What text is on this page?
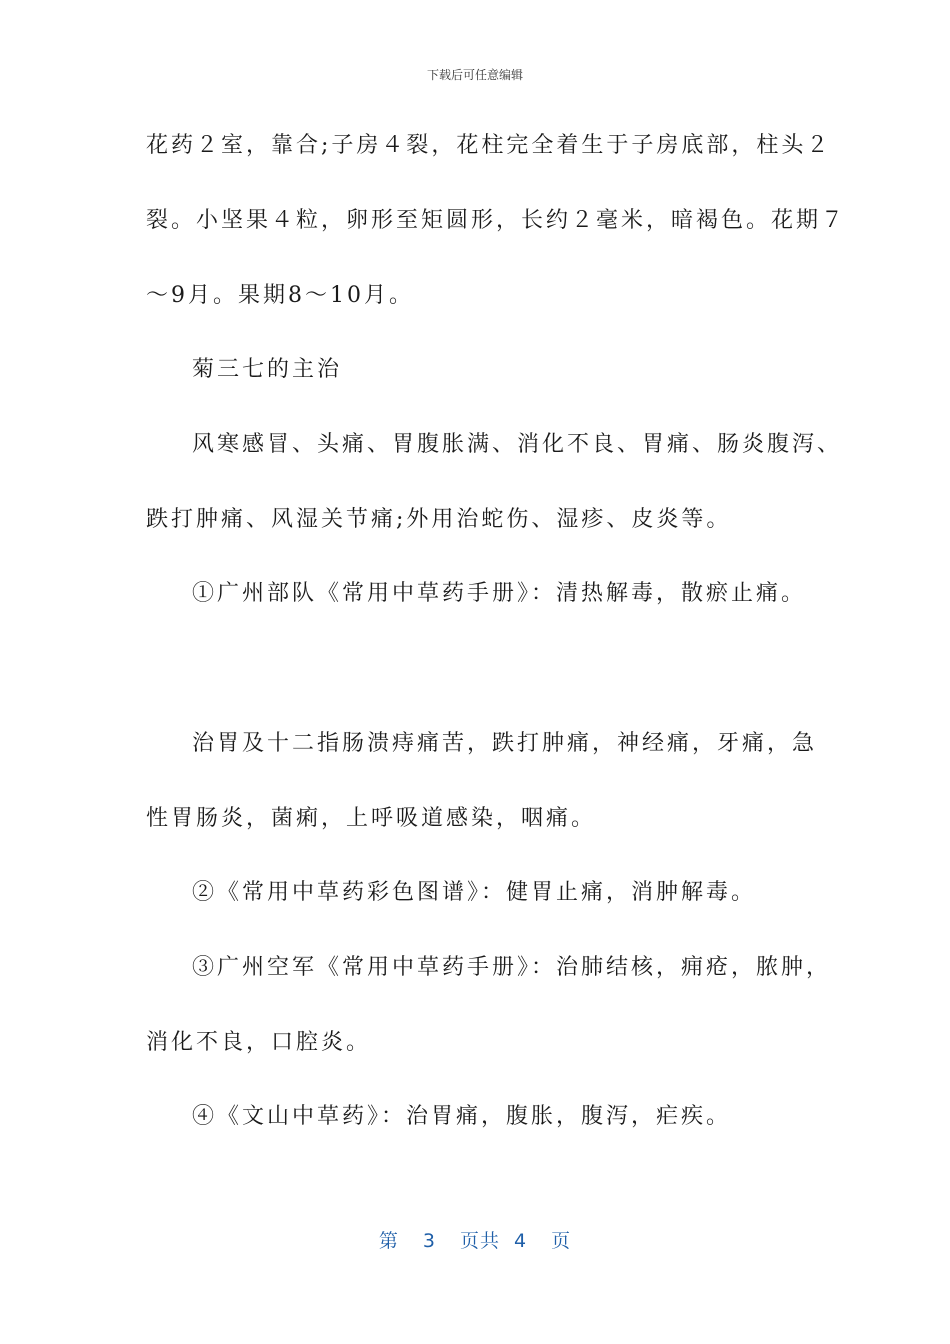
下载后可任意编辑
花药２室，靠合;子房４裂，花柱完全着生于子房底部，柱头２
裂。小坚果４粒，卵形至矩圆形，长约２毫米，暗褐色。花期７
～9月。果期8～10月。
菊三七的主治
风寒感冒、头痛、胃腹胀满、消化不良、胃痛、肠炎腹泻、
跌打肿痛、风湿关节痛;外用治蛇伤、湿疹、皮炎等。
①广州部队《常用中草药手册》：清热解毒，散瘀止痛。
治胃及十二指肠溃痔痛苦，跌打肿痛，神经痛，牙痛，急
性胃肠炎，菌痢，上呼吸道感染，咽痛。
②《常用中草药彩色图谱》：健胃止痛，消肿解毒。
③广州空军《常用中草药手册》：治肺结核，痈疮，脓肿，
消化不良，口腔炎。
④《文山中草药》：治胃痛，腹胀，腹泻，疟疾。
第 3 页共 4 页
